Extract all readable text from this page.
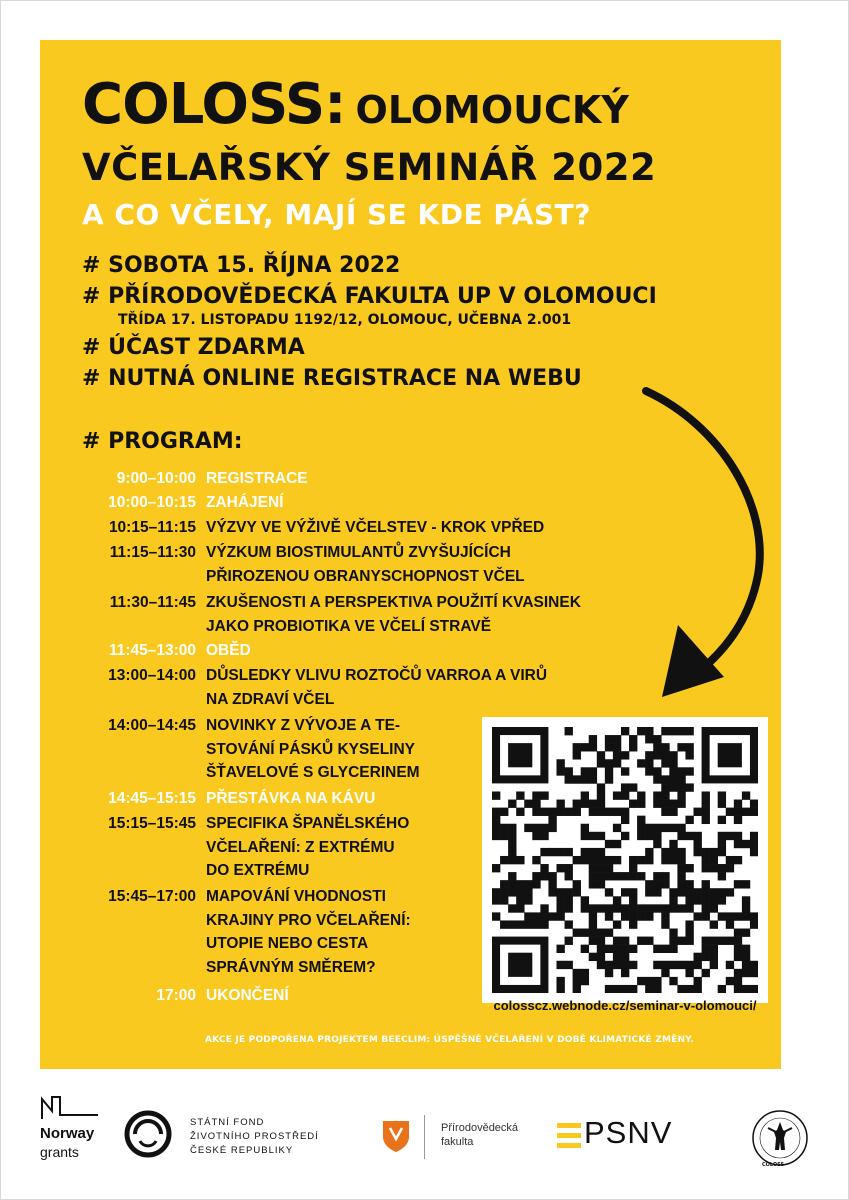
COLOSS: OLOMOUCKÝ
VČELAŘSKÝ SEMINÁŘ 2022
A CO VČELY, MAJÍ SE KDE PÁST?
# SOBOTA 15. ŘÍJNA 2022
# PŘÍRODOVĚDECKÁ FAKULTA UP V OLOMOUCI
TŘÍDA 17. LISTOPADU 1192/12, OLOMOUC, UČEBNA 2.001
# ÚČAST ZDARMA
# NUTNÁ ONLINE REGISTRACE NA WEBU
# PROGRAM:
9:00–10:00 REGISTRACE
10:00–10:15 ZAHÁJENÍ
10:15–11:15 VÝZVY VE VÝŽIVĚ VČELSTEV - KROK VPŘED
11:15–11:30 VÝZKUM BIOSTIMULANTŮ ZVYŠUJÍCÍCH
PŘIROZENOU OBRANYSCHOPNOST VČEL
11:30–11:45 ZKUŠENOSTI A PERSPEKTIVA POUŽITÍ KVASINEK
JAKO PROBIOTIKA VE VČELÍ STRAVĚ
11:45–13:00 OBĚD
13:00–14:00 DŮSLEDKY VLIVU ROZTOČŮ VARROA A VIRŮ
NA ZDRAVÍ VČEL
14:00–14:45 NOVINKY Z VÝVOJE A TE-
STOVÁNÍ PÁSKŮ KYSELINY
ŠŤAVELOVÉ S GLYCERINEM
14:45–15:15 PŘESTÁVKA NA KÁVU
15:15–15:45 SPECIFIKA ŠPANĚLSKÉHO
VČELAŘENÍ: Z EXTRÉMU
DO EXTRÉMU
15:45–17:00 MAPOVÁNÍ VHODNOSTI
KRAJINY PRO VČELAŘENÍ:
UTOPIE NEBO CESTA
SPRÁVNÝM SMĚREM?
17:00 UKONČENÍ
colosscz.webnode.cz/seminar-v-olomouci/
AKCE JE PODPOŘENA PROJEKTEM BEECLIM: ÚSPĚŠNÉ VČELAŘENÍ V DOBĚ KLIMATICKÉ ZMĚNY.
Norway
grants
STÁTNÍ FOND
ŽIVOTNÍHO PROSTŘEDÍ
ČESKÉ REPUBLIKY
Přírodovědecká
fakulta	PSNV
COLOSS
